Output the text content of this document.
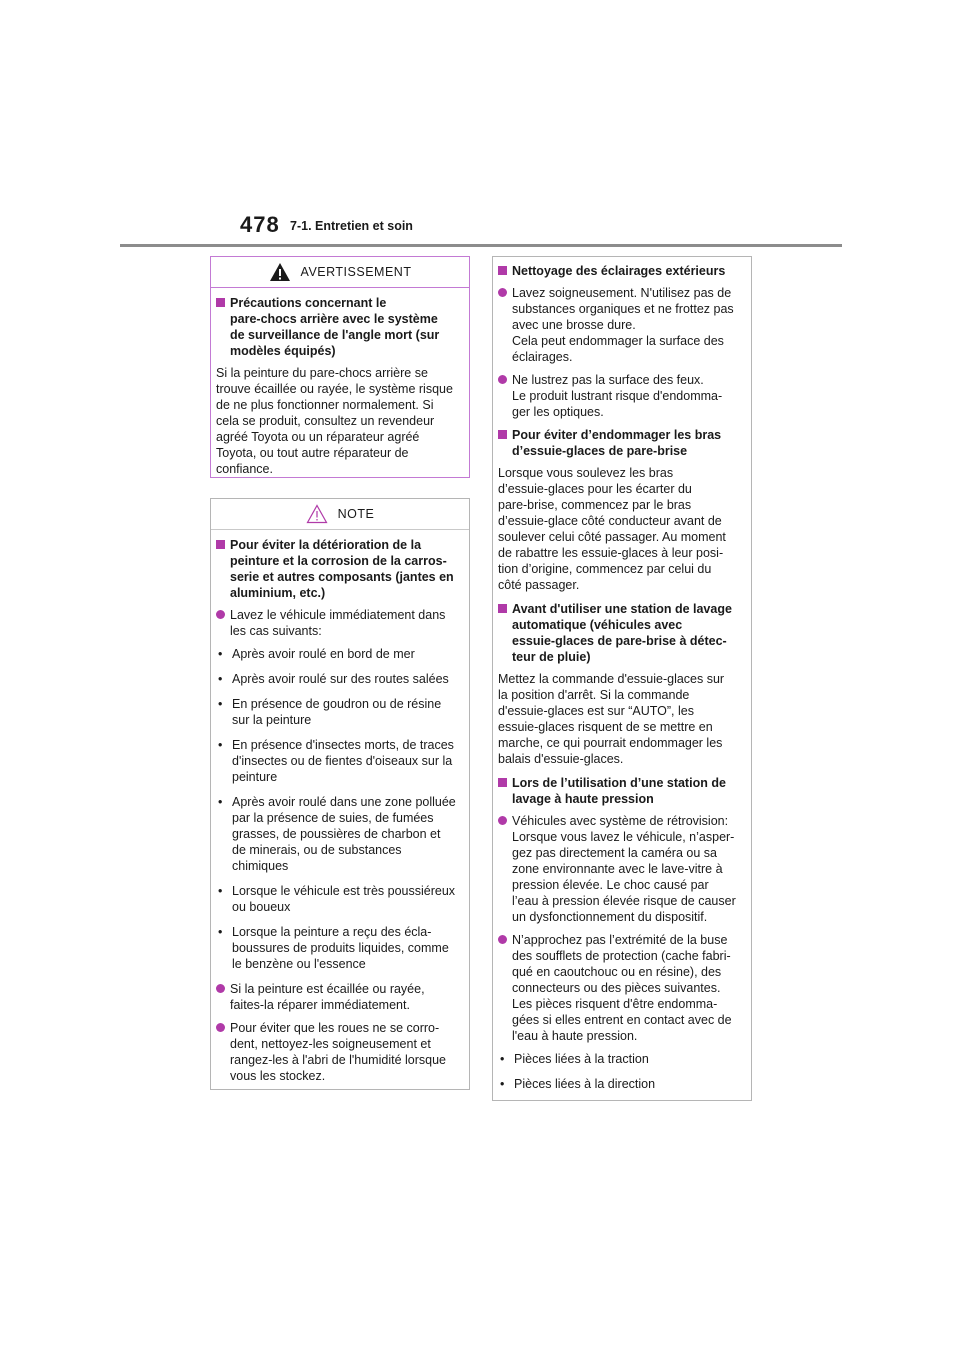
478 7-1. Entretien et soin
AVERTISSEMENT
Précautions concernant le
pare-chocs arrière avec le système
de surveillance de l'angle mort (sur
modèles équipés)
Si la peinture du pare-chocs arrière se
trouve écaillée ou rayée, le système risque
de ne plus fonctionner normalement. Si
cela se produit, consultez un revendeur
agréé Toyota ou un réparateur agréé
Toyota, ou tout autre réparateur de
confiance.
NOTE
Pour éviter la détérioration de la
peinture et la corrosion de la carros-
serie et autres composants (jantes en
aluminium, etc.)
Lavez le véhicule immédiatement dans
les cas suivants:
• Après avoir roulé en bord de mer
• Après avoir roulé sur des routes salées
• En présence de goudron ou de résine
sur la peinture
• En présence d'insectes morts, de traces
d'insectes ou de fientes d'oiseaux sur la
peinture
• Après avoir roulé dans une zone polluée
par la présence de suies, de fumées
grasses, de poussières de charbon et
de minerais, ou de substances
chimiques
• Lorsque le véhicule est très poussiéreux
ou boueux
• Lorsque la peinture a reçu des écla-
boussures de produits liquides, comme
le benzène ou l'essence
Si la peinture est écaillée ou rayée,
faites-la réparer immédiatement.
Pour éviter que les roues ne se corro-
dent, nettoyez-les soigneusement et
rangez-les à l'abri de l'humidité lorsque
vous les stockez.
Nettoyage des éclairages extérieurs
Lavez soigneusement. N'utilisez pas de
substances organiques et ne frottez pas
avec une brosse dure.
Cela peut endommager la surface des
éclairages.
Ne lustrez pas la surface des feux.
Le produit lustrant risque d'endomma-
ger les optiques.
Pour éviter d’endommager les bras
d’essuie-glaces de pare-brise
Lorsque vous soulevez les bras
d’essuie-glaces pour les écarter du
pare-brise, commencez par le bras
d’essuie-glace côté conducteur avant de
soulever celui côté passager. Au moment
de rabattre les essuie-glaces à leur posi-
tion d’origine, commencez par celui du
côté passager.
Avant d'utiliser une station de lavage
automatique (véhicules avec
essuie-glaces de pare-brise à détec-
teur de pluie)
Mettez la commande d'essuie-glaces sur
la position d'arrêt. Si la commande
d'essuie-glaces est sur “AUTO”, les
essuie-glaces risquent de se mettre en
marche, ce qui pourrait endommager les
balais d'essuie-glaces.
Lors de l’utilisation d’une station de
lavage à haute pression
Véhicules avec système de rétrovision:
Lorsque vous lavez le véhicule, n’asper-
gez pas directement la caméra ou sa
zone environnante avec le lave-vitre à
pression élevée. Le choc causé par
l’eau à pression élevée risque de causer
un dysfonctionnement du dispositif.
N’approchez pas l’extrémité de la buse
des soufflets de protection (cache fabri-
qué en caoutchouc ou en résine), des
connecteurs ou des pièces suivantes.
Les pièces risquent d'être endomma-
gées si elles entrent en contact avec de
l'eau à haute pression.
• Pièces liées à la traction
• Pièces liées à la direction
